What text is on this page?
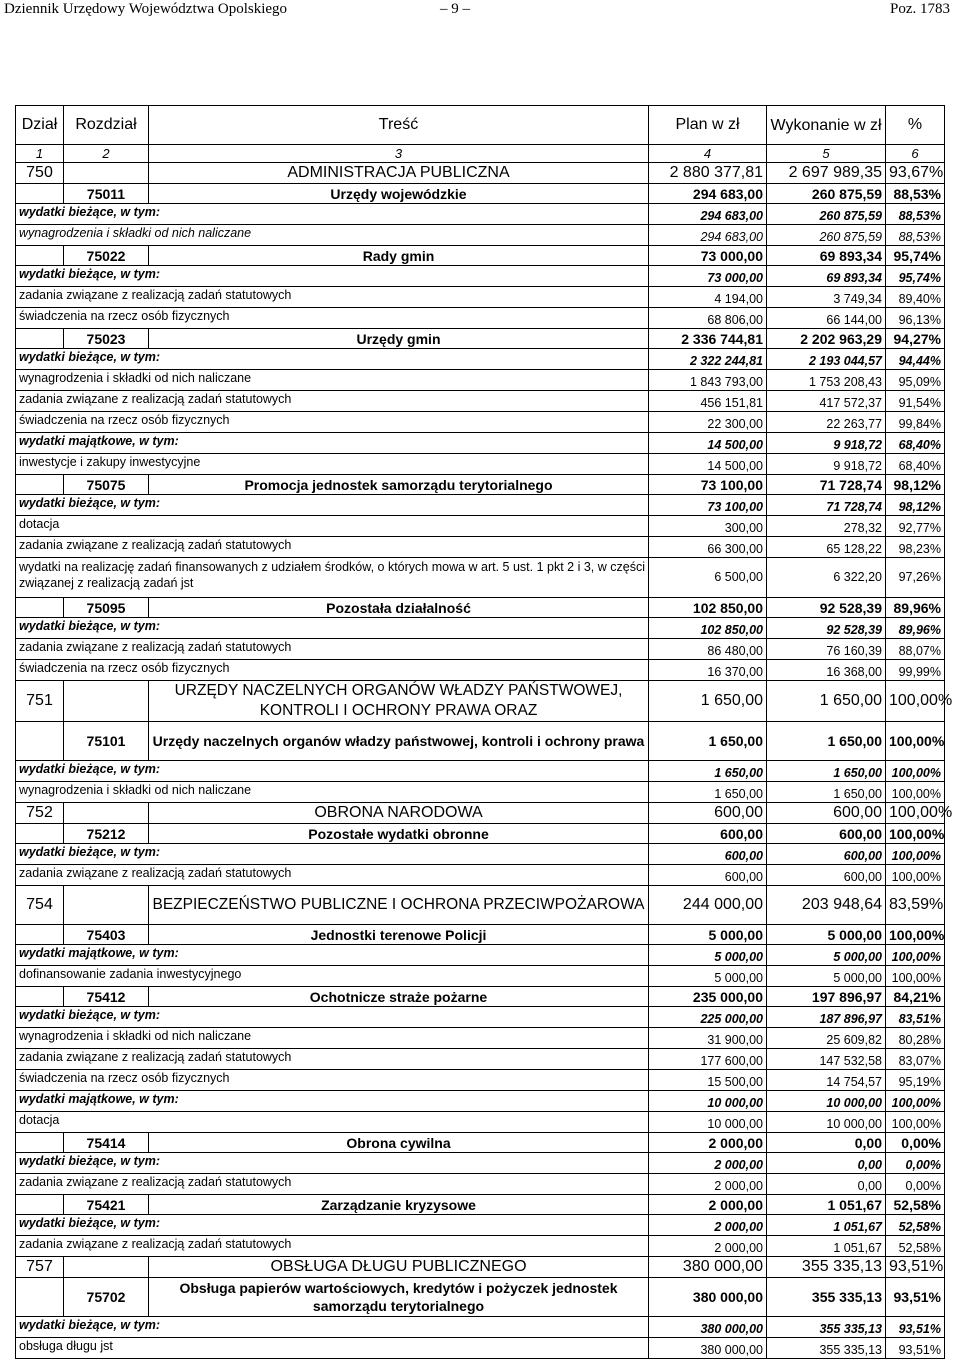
Dziennik Urzędowy Województwa Opolskiego	– 9 –	Poz. 1783
Dział	Rozdział	Treść	Plan w zł	Wykonanie w zł	%
1	2	3	4	5	6
750		ADMINISTRACJA PUBLICZNA	2 880 377,81	2 697 989,35	93,67%
	75011	Urzędy wojewódzkie	294 683,00	260 875,59	88,53%
wydatki bieżące, w tym:			294 683,00	260 875,59	88,53%
wynagrodzenia i składki od nich naliczane			294 683,00	260 875,59	88,53%
	75022	Rady gmin	73 000,00	69 893,34	95,74%
wydatki bieżące, w tym:			73 000,00	69 893,34	95,74%
zadania związane z realizacją zadań statutowych			4 194,00	3 749,34	89,40%
świadczenia na rzecz osób fizycznych			68 806,00	66 144,00	96,13%
	75023	Urzędy gmin	2 336 744,81	2 202 963,29	94,27%
wydatki bieżące, w tym:			2 322 244,81	2 193 044,57	94,44%
wynagrodzenia i składki od nich naliczane			1 843 793,00	1 753 208,43	95,09%
zadania związane z realizacją zadań statutowych			456 151,81	417 572,37	91,54%
świadczenia na rzecz osób fizycznych			22 300,00	22 263,77	99,84%
wydatki majątkowe, w tym:			14 500,00	9 918,72	68,40%
inwestycje i zakupy inwestycyjne			14 500,00	9 918,72	68,40%
	75075	Promocja jednostek samorządu terytorialnego	73 100,00	71 728,74	98,12%
wydatki bieżące, w tym:			73 100,00	71 728,74	98,12%
dotacja			300,00	278,32	92,77%
zadania związane z realizacją zadań statutowych			66 300,00	65 128,22	98,23%
wydatki na realizację zadań finansowanych z udziałem środków, o których mowa w art. 5 ust. 1 pkt 2 i 3, w części związanej z realizacją zadań jst			6 500,00	6 322,20	97,26%
	75095	Pozostała działalność	102 850,00	92 528,39	89,96%
wydatki bieżące, w tym:			102 850,00	92 528,39	89,96%
zadania związane z realizacją zadań statutowych			86 480,00	76 160,39	88,07%
świadczenia na rzecz osób fizycznych			16 370,00	16 368,00	99,99%
751		URZĘDY NACZELNYCH ORGANÓW WŁADZY PAŃSTWOWEJ, KONTROLI I OCHRONY PRAWA ORAZ	1 650,00	1 650,00	100,00%
	75101	Urzędy naczelnych organów władzy państwowej, kontroli i ochrony prawa	1 650,00	1 650,00	100,00%
wydatki bieżące, w tym:			1 650,00	1 650,00	100,00%
wynagrodzenia i składki od nich naliczane			1 650,00	1 650,00	100,00%
752		OBRONA NARODOWA	600,00	600,00	100,00%
	75212	Pozostałe wydatki obronne	600,00	600,00	100,00%
wydatki bieżące, w tym:			600,00	600,00	100,00%
zadania związane z realizacją zadań statutowych			600,00	600,00	100,00%
754		BEZPIECZEŃSTWO PUBLICZNE I OCHRONA PRZECIWPOŻAROWA	244 000,00	203 948,64	83,59%
	75403	Jednostki terenowe Policji	5 000,00	5 000,00	100,00%
wydatki majątkowe, w tym:			5 000,00	5 000,00	100,00%
dofinansowanie zadania inwestycyjnego			5 000,00	5 000,00	100,00%
	75412	Ochotnicze straże pożarne	235 000,00	197 896,97	84,21%
wydatki bieżące, w tym:			225 000,00	187 896,97	83,51%
wynagrodzenia i składki od nich naliczane			31 900,00	25 609,82	80,28%
zadania związane z realizacją zadań statutowych			177 600,00	147 532,58	83,07%
świadczenia na rzecz osób fizycznych			15 500,00	14 754,57	95,19%
wydatki majątkowe, w tym:			10 000,00	10 000,00	100,00%
dotacja			10 000,00	10 000,00	100,00%
	75414	Obrona cywilna	2 000,00	0,00	0,00%
wydatki bieżące, w tym:			2 000,00	0,00	0,00%
zadania związane z realizacją zadań statutowych			2 000,00	0,00	0,00%
	75421	Zarządzanie kryzysowe	2 000,00	1 051,67	52,58%
wydatki bieżące, w tym:			2 000,00	1 051,67	52,58%
zadania związane z realizacją zadań statutowych			2 000,00	1 051,67	52,58%
757		OBSŁUGA DŁUGU PUBLICZNEGO	380 000,00	355 335,13	93,51%
	75702	Obsługa papierów wartościowych, kredytów i pożyczek jednostek samorządu terytorialnego	380 000,00	355 335,13	93,51%
wydatki bieżące, w tym:			380 000,00	355 335,13	93,51%
obsługa długu jst			380 000,00	355 335,13	93,51%
